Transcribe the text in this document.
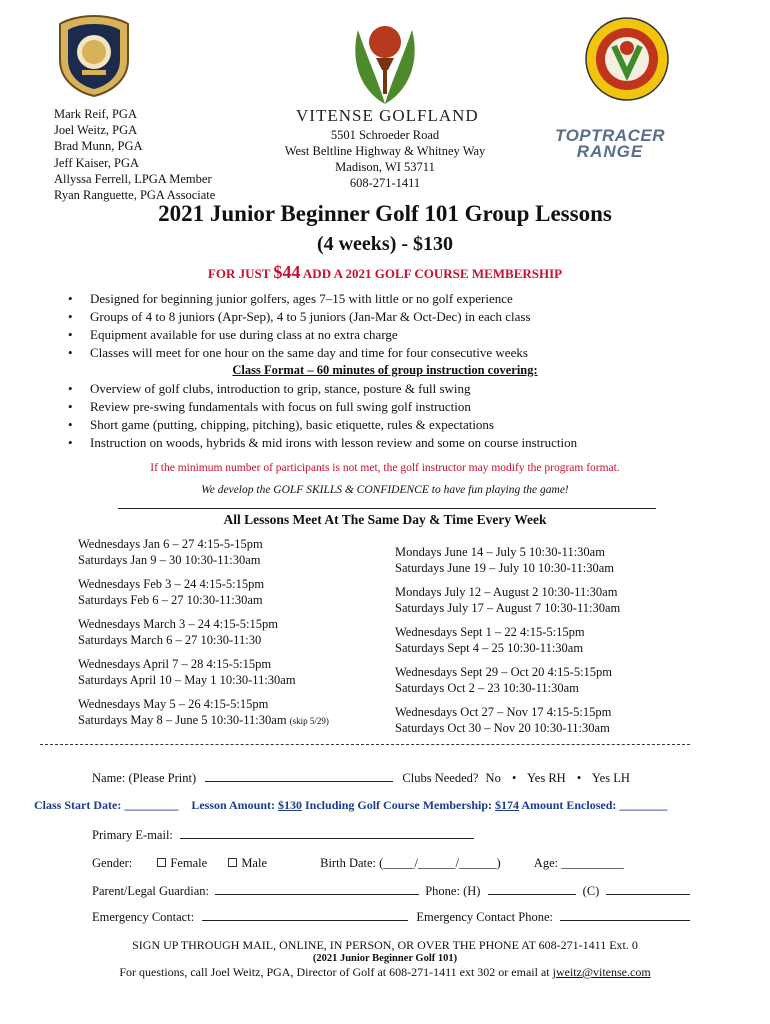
VITENSE GOLFLAND
TOPTRACER
RANGE
Mark Reif, PGA
Joel Weitz, PGA
Brad Munn, PGA
Jeff Kaiser, PGA
Allyssa Ferrell, LPGA Member
Ryan Ranguette, PGA Associate
5501 Schroeder Road
West Beltline Highway & Whitney Way
Madison, WI 53711
608-271-1411
2021 Junior Beginner Golf 101 Group Lessons
(4 weeks) - $130
FOR JUST $44 ADD A 2021 GOLF COURSE MEMBERSHIP
• Designed for beginning junior golfers, ages 7–15 with little or no golf experience
• Groups of 4 to 8 juniors (Apr-Sep), 4 to 5 juniors (Jan-Mar & Oct-Dec) in each class
• Equipment available for use during class at no extra charge
• Classes will meet for one hour on the same day and time for four consecutive weeks
Class Format – 60 minutes of group instruction covering:
• Overview of golf clubs, introduction to grip, stance, posture & full swing
• Review pre-swing fundamentals with focus on full swing golf instruction
• Short game (putting, chipping, pitching), basic etiquette, rules & expectations
• Instruction on woods, hybrids & mid irons with lesson review and some on course instruction
If the minimum number of participants is not met, the golf instructor may modify the program format.
We develop the GOLF SKILLS & CONFIDENCE to have fun playing the game!
All Lessons Meet At The Same Day & Time Every Week
Wednesdays Jan 6 – 27 4:15-5-15pm
Saturdays Jan 9 – 30 10:30-11:30am
Wednesdays Feb 3 – 24 4:15-5:15pm
Saturdays Feb 6 – 27 10:30-11:30am
Wednesdays March 3 – 24 4:15-5:15pm
Saturdays March 6 – 27 10:30-11:30
Wednesdays April 7 – 28 4:15-5:15pm
Saturdays April 10 – May 1 10:30-11:30am
Wednesdays May 5 – 26 4:15-5:15pm
Saturdays May 8 – June 5 10:30-11:30am (skip 5/29)
Mondays June 14 – July 5 10:30-11:30am
Saturdays June 19 – July 10 10:30-11:30am
Mondays July 12 – August 2 10:30-11:30am
Saturdays July 17 – August 7 10:30-11:30am
Wednesdays Sept 1 – 22 4:15-5:15pm
Saturdays Sept 4 – 25 10:30-11:30am
Wednesdays Sept 29 – Oct 20 4:15-5:15pm
Saturdays Oct 2 – 23 10:30-11:30am
Wednesdays Oct 27 – Nov 17 4:15-5:15pm
Saturdays Oct 30 – Nov 20 10:30-11:30am
Name: (Please Print)	Clubs Needed? No • Yes RH • Yes LH
Class Start Date: _________ Lesson Amount: $130 Including Golf Course Membership: $174 Amount Enclosed: ________
Primary E-mail:
Gender:	Female	Male	Birth Date: (_____/______/______)	Age: __________
Parent/Legal Guardian:	Phone: (H)	(C)
Emergency Contact:	Emergency Contact Phone:
SIGN UP THROUGH MAIL, ONLINE, IN PERSON, OR OVER THE PHONE AT 608-271-1411 Ext. 0
(2021 Junior Beginner Golf 101)
For questions, call Joel Weitz, PGA, Director of Golf at 608-271-1411 ext 302 or email at jweitz@vitense.com
